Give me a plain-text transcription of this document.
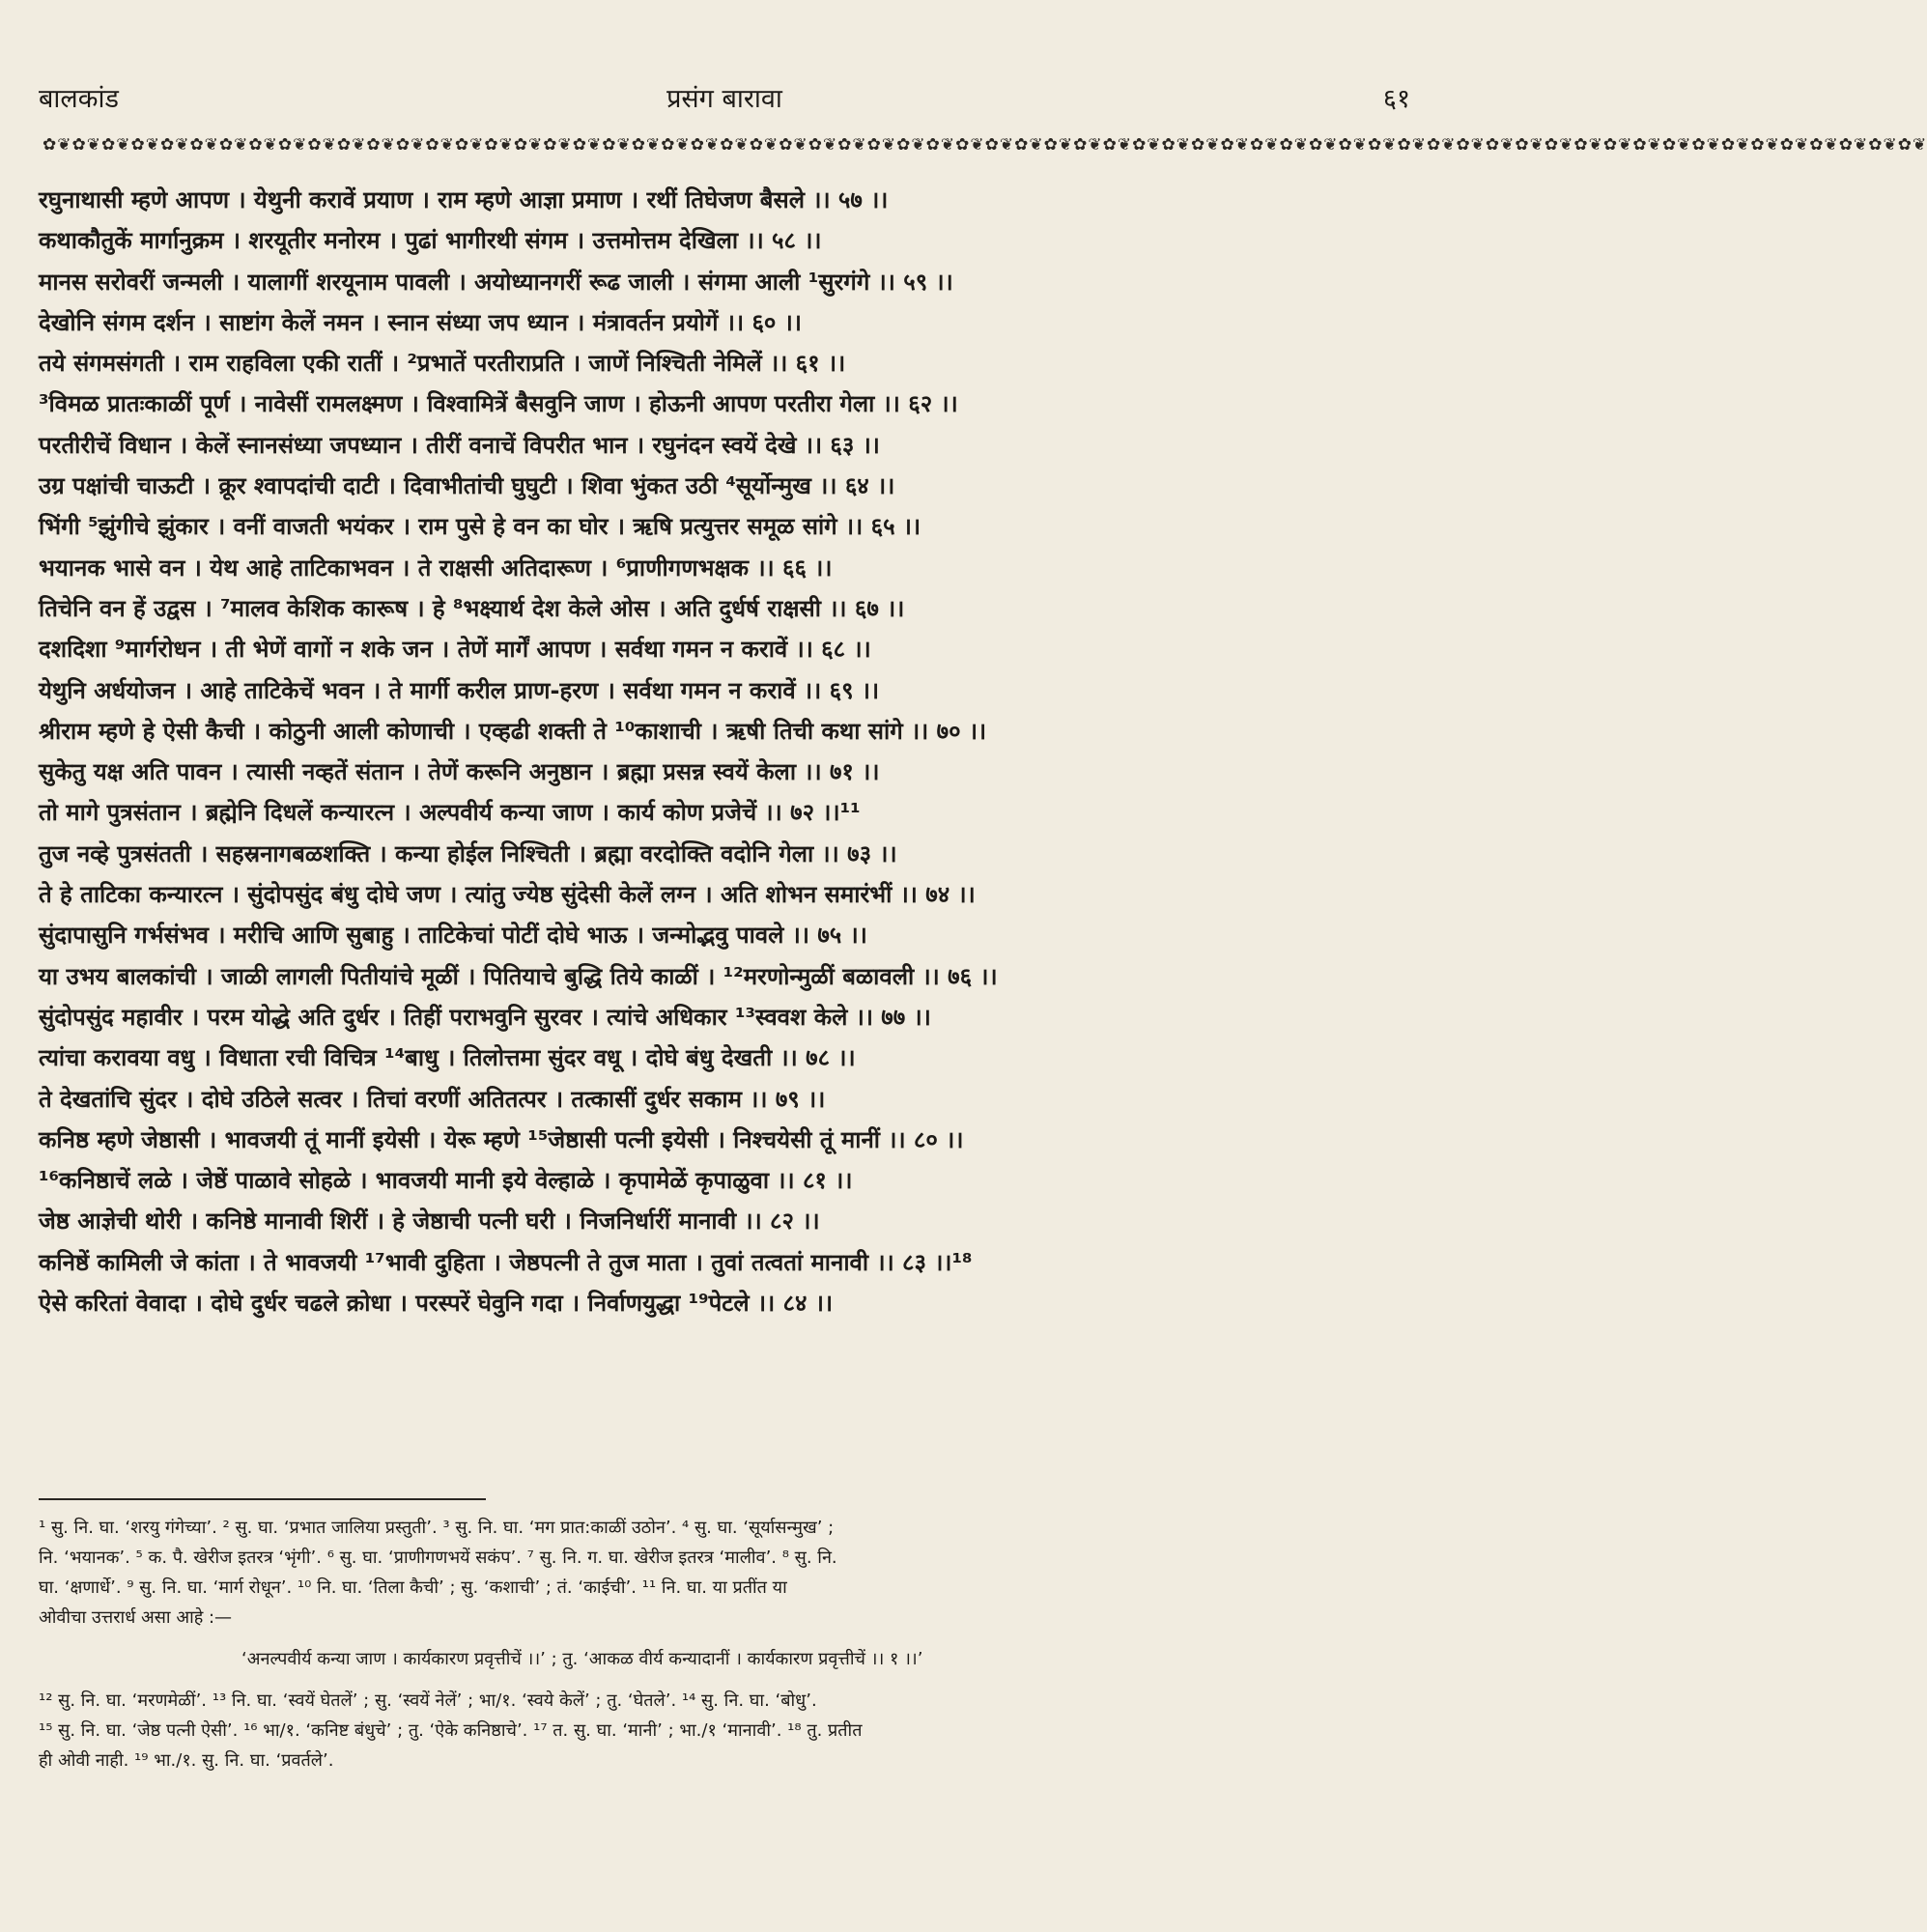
बालकांड	प्रसंग बारावा	६१
✿❦✿❦✿❦✿❦✿❦✿❦✿❦✿❦✿❦✿❦✿❦✿❦✿❦✿❦✿❦✿❦✿❦✿❦✿❦✿❦✿❦✿❦✿❦✿❦✿❦✿❦✿❦✿❦✿❦✿❦✿❦✿❦✿❦✿❦✿❦✿❦✿❦✿❦✿❦✿❦✿❦✿❦✿❦✿❦✿❦✿❦✿❦✿❦✿❦✿❦✿❦✿❦✿❦✿❦✿❦✿❦✿❦✿❦✿❦✿❦✿❦✿❦✿❦✿❦
रघुनाथासी म्हणे आपण । येथुनी करावें प्रयाण । राम म्हणे आज्ञा प्रमाण । रथीं तिघेजण बैसले ।। ५७ ।।
कथाकौतुकें मार्गानुक्रम । शरयूतीर मनोरम । पुढां भागीरथी संगम । उत्तमोत्तम देखिला ।। ५८ ।।
मानस सरोवरीं जन्मली । यालागीं शरयूनाम पावली । अयोध्यानगरीं रूढ जाली । संगमा आली ¹सुरगंगे ।। ५९ ।।
देखोनि संगम दर्शन । साष्टांग केलें नमन । स्नान संध्या जप ध्यान । मंत्रावर्तन प्रयोगें ।। ६० ।।
तये संगमसंगती । राम राहविला एकी रातीं । ²प्रभातें परतीराप्रति । जाणें निश्चिती नेमिलें ।। ६१ ।।
³विमळ प्रातःकाळीं पूर्ण । नावेसीं रामलक्ष्मण । विश्वामित्रें बैसवुनि जाण । होऊनी आपण परतीरा गेला ।। ६२ ।।
परतीरीचें विधान । केलें स्नानसंध्या जपध्यान । तीरीं वनाचें विपरीत भान । रघुनंदन स्वयें देखे ।। ६३ ।।
उग्र पक्षांची चाऊटी । क्रूर श्वापदांची दाटी । दिवाभीतांची घुघुटी । शिवा भुंकत उठी ⁴सूर्योन्मुख ।। ६४ ।।
भिंगी ⁵झुंगीचे झुंकार । वनीं वाजती भयंकर । राम पुसे हे वन का घोर । ऋषि प्रत्युत्तर समूळ सांगे ।। ६५ ।।
भयानक भासे वन । येथ आहे ताटिकाभवन । ते राक्षसी अतिदारूण । ⁶प्राणीगणभक्षक ।। ६६ ।।
तिचेनि वन हें उद्वस । ⁷मालव केशिक कारूष । हे ⁸भक्ष्यार्थ देश केले ओस । अति दुर्धर्ष राक्षसी ।। ६७ ।।
दशदिशा ⁹मार्गरोधन । ती भेणें वागों न शके जन । तेणें मार्गें आपण । सर्वथा गमन न करावें ।। ६८ ।।
येथुनि अर्धयोजन । आहे ताटिकेचें भवन । ते मार्गी करील प्राण-हरण । सर्वथा गमन न करावें ।। ६९ ।।
श्रीराम म्हणे हे ऐसी कैची । कोठुनी आली कोणाची । एव्हढी शक्ती ते ¹⁰काशाची । ऋषी तिची कथा सांगे ।। ७० ।।
सुकेतु यक्ष अति पावन । त्यासी नव्हतें संतान । तेणें करूनि अनुष्ठान । ब्रह्मा प्रसन्न स्वयें केला ।। ७१ ।।
तो मागे पुत्रसंतान । ब्रह्मेनि दिधलें कन्यारत्न । अल्पवीर्य कन्या जाण । कार्य कोण प्रजेचें ।। ७२ ।।¹¹
तुज नव्हे पुत्रसंतती । सहस्रनागबळशक्ति । कन्या होईल निश्चिती । ब्रह्मा वरदोक्ति वदोनि गेला ।। ७३ ।।
ते हे ताटिका कन्यारत्न । सुंदोपसुंद बंधु दोघे जण । त्यांतु ज्येष्ठ सुंदेसी केलें लग्न । अति शोभन समारंभीं ।। ७४ ।।
सुंदापासुनि गर्भसंभव । मरीचि आणि सुबाहु । ताटिकेचां पोटीं दोघे भाऊ । जन्मोद्भवु पावले ।। ७५ ।।
या उभय बालकांची । जाळी लागली पितीयांचे मूळीं । पितियाचे बुद्धि तिये काळीं । ¹²मरणोन्मुळीं बळावली ।। ७६ ।।
सुंदोपसुंद महावीर । परम योद्धे अति दुर्धर । तिहीं पराभवुनि सुरवर । त्यांचे अधिकार ¹³स्ववश केले ।। ७७ ।।
त्यांचा करावया वधु । विधाता रची विचित्र ¹⁴बाधु । तिलोत्तमा सुंदर वधू । दोघे बंधु देखती ।। ७८ ।।
ते देखतांचि सुंदर । दोघे उठिले सत्वर । तिचां वरणीं अतितत्पर । तत्कासीं दुर्धर सकाम ।। ७९ ।।
कनिष्ठ म्हणे जेष्ठासी । भावजयी तूं मानीं इयेसी । येरू म्हणे ¹⁵जेष्ठासी पत्नी इयेसी । निश्चयेसी तूं मानीं ।। ८० ।।
¹⁶कनिष्ठाचें लळे । जेष्ठें पाळावे सोहळे । भावजयी मानी इये वेल्हाळे । कृपामेळें कृपाळुवा ।। ८१ ।।
जेष्ठ आज्ञेची थोरी । कनिष्ठे मानावी शिरीं । हे जेष्ठाची पत्नी घरी । निजनिर्धारीं मानावी ।। ८२ ।।
कनिष्ठें कामिली जे कांता । ते भावजयी ¹⁷भावी दुहिता । जेष्ठपत्नी ते तुज माता । तुवां तत्वतां मानावी ।। ८३ ।।¹⁸
ऐसे करितां वेवादा । दोघे दुर्धर चढले क्रोधा । परस्परें घेवुनि गदा । निर्वाणयुद्धा ¹⁹पेटले ।। ८४ ।।
¹ सु. नि. घा. ‘शरयु गंगेच्या’. ² सु. घा. ‘प्रभात जालिया प्रस्तुती’. ³ सु. नि. घा. ‘मग प्रात:काळीं उठोन’. ⁴ सु. घा. ‘सूर्यासन्मुख’ ;
नि. ‘भयानक’. ⁵ क. पै. खेरीज इतरत्र ‘भृंगी’. ⁶ सु. घा. ‘प्राणीगणभयें सकंप’. ⁷ सु. नि. ग. घा. खेरीज इतरत्र ‘मालीव’. ⁸ सु. नि.
घा. ‘क्षणार्धे’. ⁹ सु. नि. घा. ‘मार्ग रोधून’. ¹⁰ नि. घा. ‘तिला कैची’ ; सु. ‘कशाची’ ; तं. ‘काईची’. ¹¹ नि. घा. या प्रतींत या
ओवीचा उत्तरार्ध असा आहे :—
‘अनल्पवीर्य कन्या जाण । कार्यकारण प्रवृत्तीचें ।।’ ; तु. ‘आकळ वीर्य कन्यादानीं । कार्यकारण प्रवृत्तीचें ।। १ ।।’
¹² सु. नि. घा. ‘मरणमेळीं’. ¹³ नि. घा. ‘स्वयें घेतलें’ ; सु. ‘स्वयें नेलें’ ; भा/१. ‘स्वये केलें’ ; तु. ‘घेतले’. ¹⁴ सु. नि. घा. ‘बोधु’.
¹⁵ सु. नि. घा. ‘जेष्ठ पत्नी ऐसी’. ¹⁶ भा/१. ‘कनिष्ट बंधुचे’ ; तु. ‘ऐके कनिष्ठाचे’. ¹⁷ त. सु. घा. ‘मानी’ ; भा./१ ‘मानावी’. ¹⁸ तु. प्रतीत
ही ओवी नाही. ¹⁹ भा./१. सु. नि. घा. ‘प्रवर्तले’.
